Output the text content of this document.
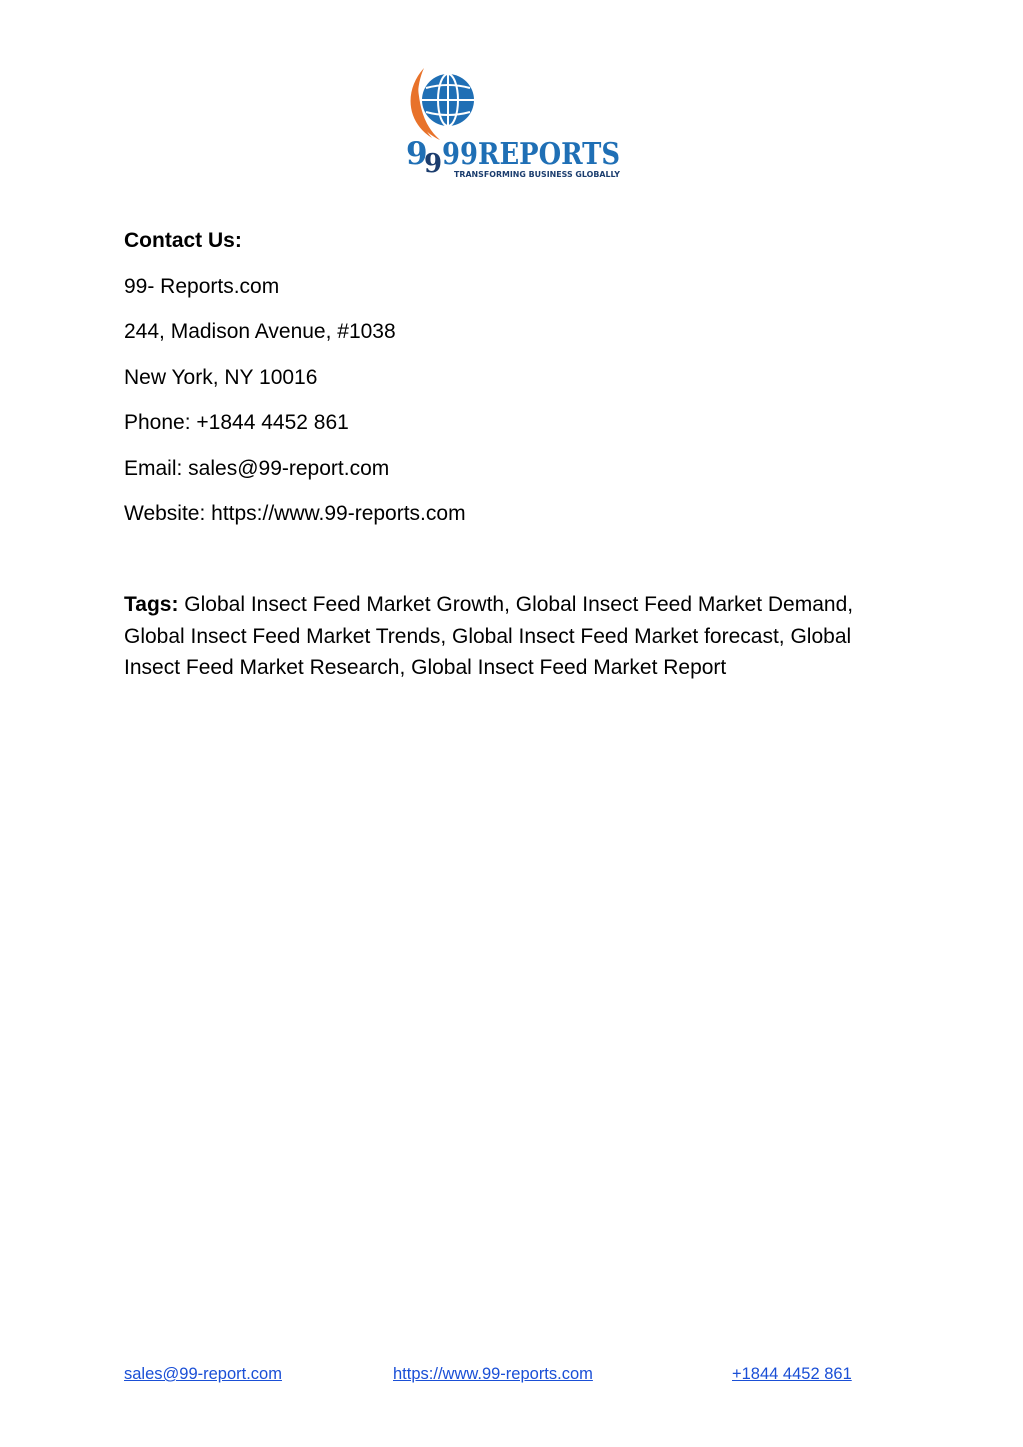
9
9 99REPORTS
TRANSFORMING BUSINESS GLOBALLY
Contact Us:
99- Reports.com
244, Madison Avenue, #1038
New York, NY 10016
Phone: +1844 4452 861
Email: sales@99-report.com
Website: https://www.99-reports.com
Tags: Global Insect Feed Market Growth, Global Insect Feed Market Demand, Global Insect Feed Market Trends, Global Insect Feed Market forecast, Global Insect Feed Market Research, Global Insect Feed Market Report
sales@99-report.com	https://www.99-reports.com	+1844 4452 861
